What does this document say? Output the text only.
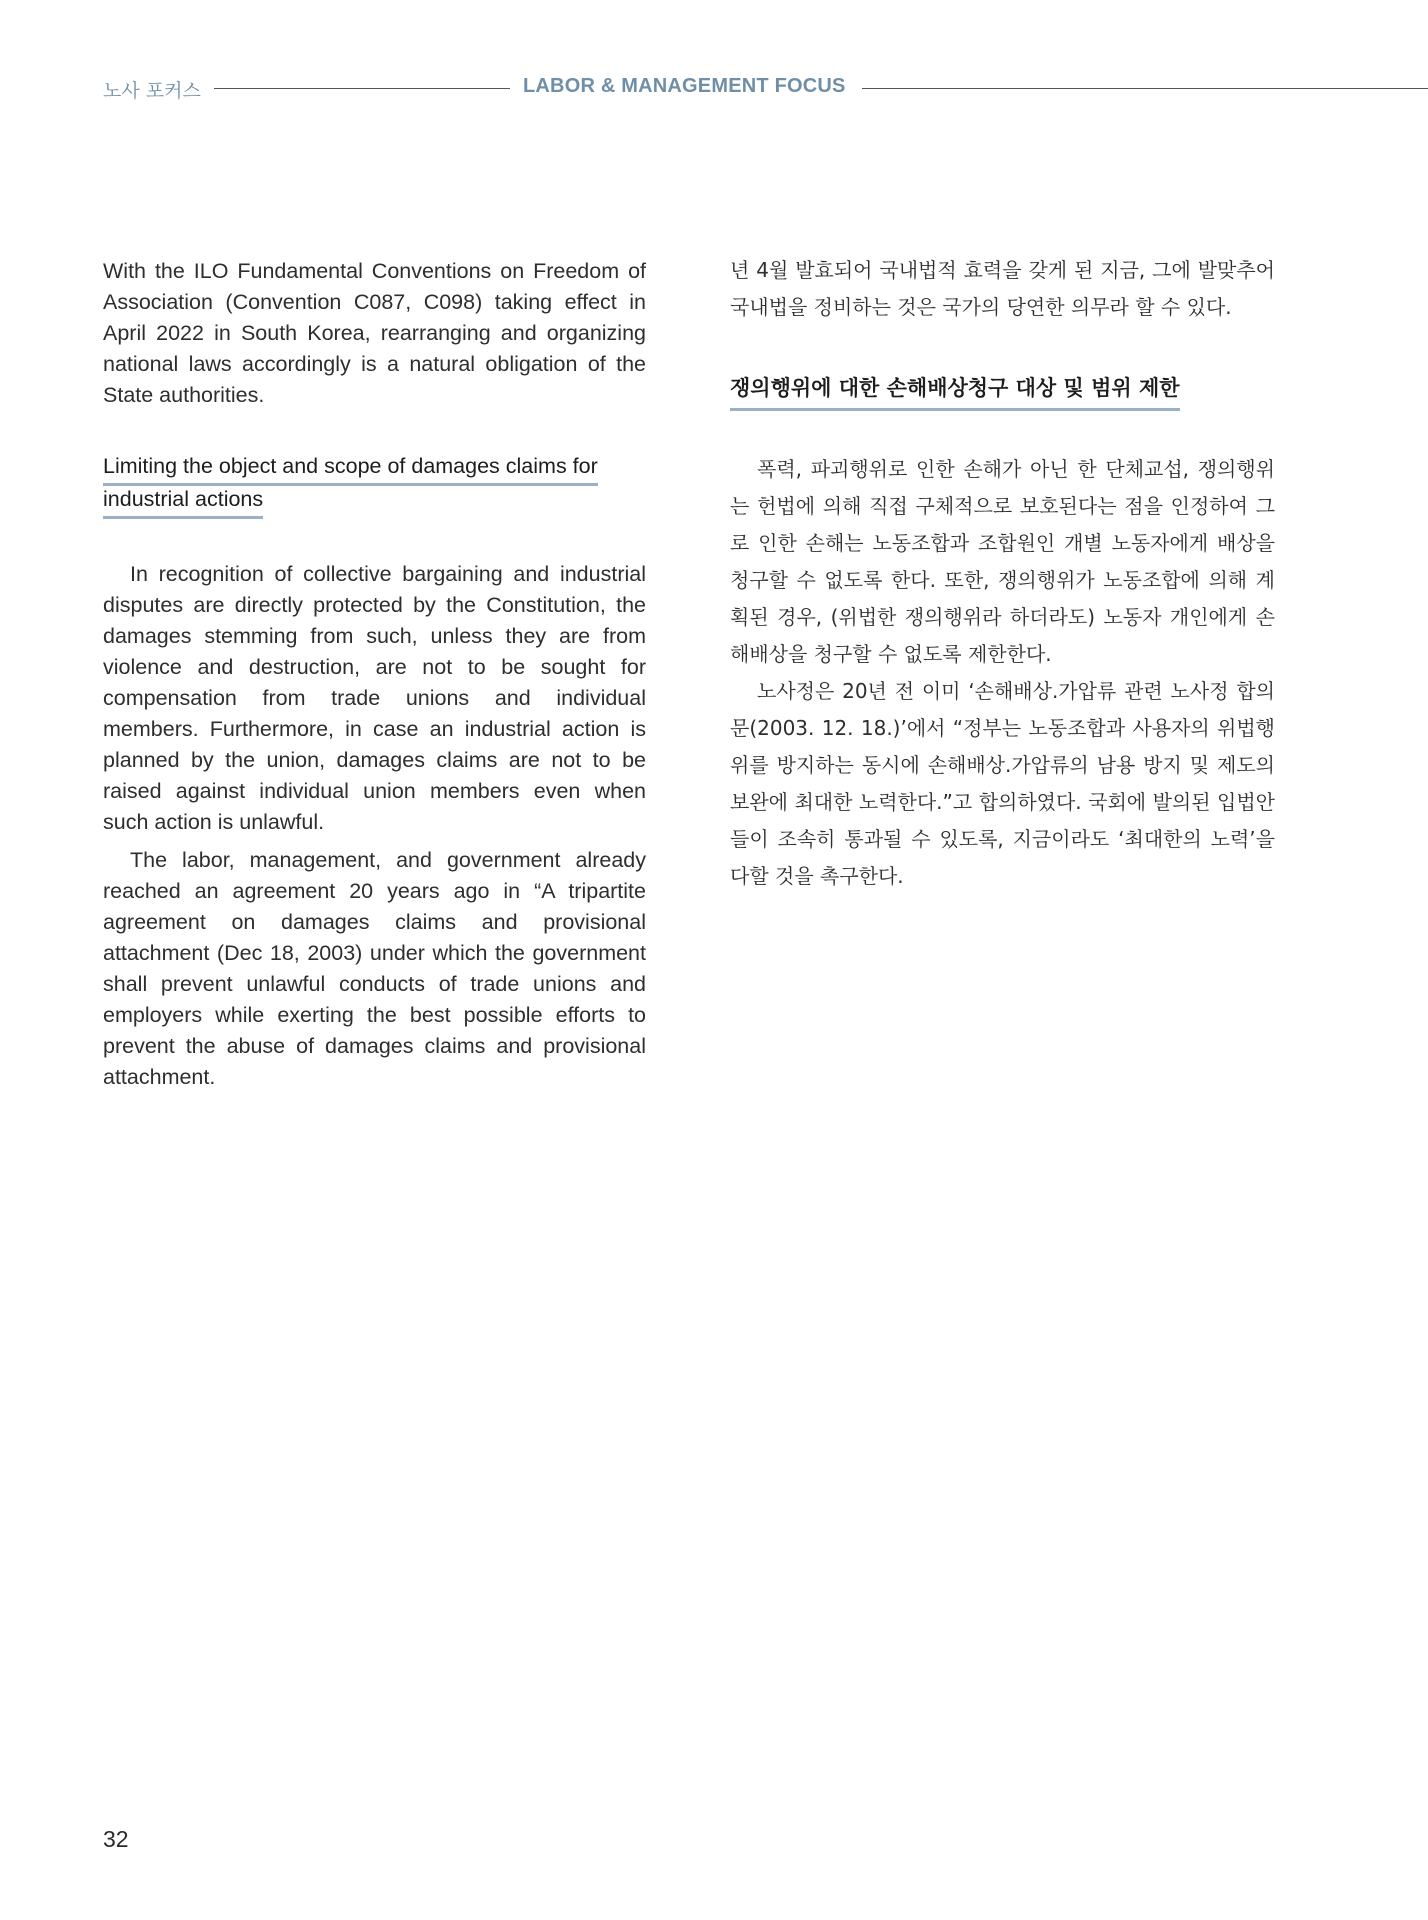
노사 포커스	LABOR & MANAGEMENT FOCUS

With the ILO Fundamental Conventions on Freedom of Association (Convention C087, C098) taking effect in April 2022 in South Korea, rearranging and organizing national laws accordingly is a natural obligation of the State authorities.

Limiting the object and scope of damages claims for
industrial actions

In recognition of collective bargaining and industrial disputes are directly protected by the Constitution, the damages stemming from such, unless they are from violence and destruction, are not to be sought for compensation from trade unions and individual members. Furthermore, in case an industrial action is planned by the union, damages claims are not to be raised against individual union members even when such action is unlawful.

The labor, management, and government already reached an agreement 20 years ago in “A tripartite agreement on damages claims and provisional attachment (Dec 18, 2003) under which the government shall prevent unlawful conducts of trade unions and employers while exerting the best possible efforts to prevent the abuse of damages claims and provisional attachment.

년 4월 발효되어 국내법적 효력을 갖게 된 지금, 그에 발맞추어 국내법을 정비하는 것은 국가의 당연한 의무라 할 수 있다.

쟁의행위에 대한 손해배상청구 대상 및 범위 제한

폭력, 파괴행위로 인한 손해가 아닌 한 단체교섭, 쟁의행위는 헌법에 의해 직접 구체적으로 보호된다는 점을 인정하여 그로 인한 손해는 노동조합과 조합원인 개별 노동자에게 배상을 청구할 수 없도록 한다. 또한, 쟁의행위가 노동조합에 의해 계획된 경우, (위법한 쟁의행위라 하더라도) 노동자 개인에게 손해배상을 청구할 수 없도록 제한한다.

노사정은 20년 전 이미 ‘손해배상.가압류 관련 노사정 합의문(2003. 12. 18.)’에서 “정부는 노동조합과 사용자의 위법행위를 방지하는 동시에 손해배상.가압류의 남용 방지 및 제도의 보완에 최대한 노력한다.”고 합의하였다. 국회에 발의된 입법안들이 조속히 통과될 수 있도록, 지금이라도 ‘최대한의 노력’을 다할 것을 촉구한다.

32
